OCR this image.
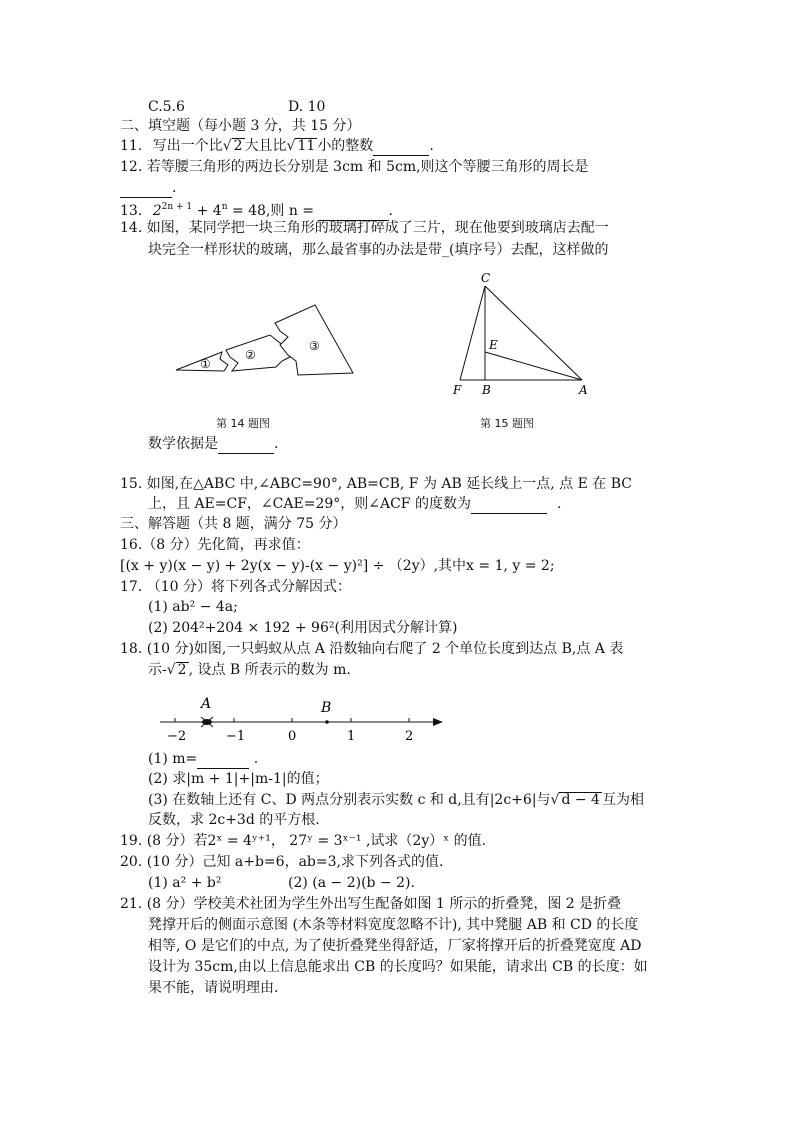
C.5.6	D. 10
二、填空题（每小题 3 分，共 15 分）
11. 写出一个比√ 2 大且比√ 11 小的整数	.
12. 若等腰三角形的两边长分别是 3cm 和 5cm,则这个等腰三角形的周长是
.
13. $2^{2n + 1} + 4^n = 48$,则 n =	.
14. 如图，某同学把一块三角形的玻璃打碎成了三片，现在他要到玻璃店去配一
块完全一样形状的玻璃，那么最省事的办法是带_(填序号）去配，这样做的
①
②
③
第 14 题图
C
E
F B	A
第 15 题图
数学依据是	.
15. 如图,在△ABC 中,∠ABC=90°, AB=CB, F 为 AB 延长线上一点, 点 E 在 BC
上，且 AE=CF，∠CAE=29°，则∠ACF 的度数为	.
三、解答题（共 8 题，满分 75 分）
16.（8 分）先化简，再求值：
[(x + y)(x − y) + 2y(x − y)-(x − y)²] ÷ （2y）,其中x = 1, y = 2;
17. （10 分）将下列各式分解因式：
(1) ab² − 4a;
(2) 204²+204 × 192 + 96²(利用因式分解计算)
18. (10 分)如图,一只蚂蚁从点 A 沿数轴向右爬了 2 个单位长度到达点 B,点 A 表
示-√ 2 , 设点 B 所表示的数为 m.
A	B
−2	−1	0	1	2
(1) m=	.
(2) 求|m + 1|+|m-1|的值；
(3) 在数轴上还有 C、D 两点分别表示实数 c 和 d,且有|2c+6|与√ d − 4 互为相
反数，求 2c+3d 的平方根.
19. (8 分）若2ˣ = 4ʸ⁺¹， 27ʸ = 3ˣ⁻¹ ,试求（2y）ˣ 的值.
20. (10 分）己知 a+b=6，ab=3,求下列各式的值.
(1) a² + b²	(2) (a − 2)(b − 2).
21. (8 分）学校美术社团为学生外出写生配备如图 1 所示的折叠凳，图 2 是折叠
凳撑开后的侧面示意图 (木条等材料宽度忽略不计), 其中凳腿 AB 和 CD 的长度
相等, O 是它们的中点, 为了使折叠凳坐得舒适，厂家将撑开后的折叠凳宽度 AD
设计为 35cm,由以上信息能求出 CB 的长度吗？如果能，请求出 CB 的长度：如
果不能，请说明理由.
